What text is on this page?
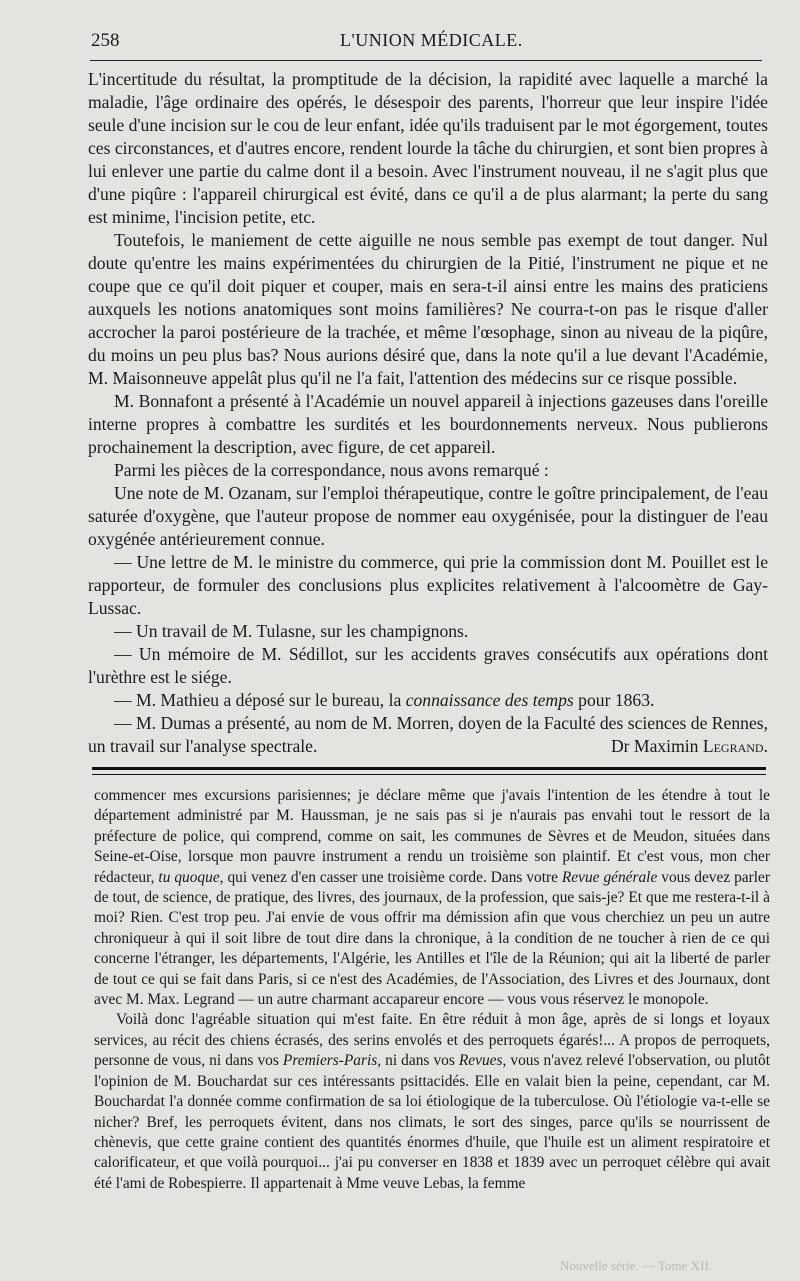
258	L'UNION MÉDICALE.

L'incertitude du résultat, la promptitude de la décision, la rapidité avec laquelle a marché la maladie, l'âge ordinaire des opérés, le désespoir des parents, l'horreur que leur inspire l'idée seule d'une incision sur le cou de leur enfant, idée qu'ils traduisent par le mot égorgement, toutes ces circonstances, et d'autres encore, rendent lourde la tâche du chirurgien, et sont bien propres à lui enlever une partie du calme dont il a besoin. Avec l'instrument nouveau, il ne s'agit plus que d'une piqûre : l'appareil chirurgical est évité, dans ce qu'il a de plus alarmant; la perte du sang est minime, l'incision petite, etc.

Toutefois, le maniement de cette aiguille ne nous semble pas exempt de tout danger. Nul doute qu'entre les mains expérimentées du chirurgien de la Pitié, l'instrument ne pique et ne coupe que ce qu'il doit piquer et couper, mais en sera-t-il ainsi entre les mains des praticiens auxquels les notions anatomiques sont moins familières? Ne courra-t-on pas le risque d'aller accrocher la paroi postérieure de la trachée, et même l'œsophage, sinon au niveau de la piqûre, du moins un peu plus bas? Nous aurions désiré que, dans la note qu'il a lue devant l'Académie, M. Maisonneuve appelât plus qu'il ne l'a fait, l'attention des médecins sur ce risque possible.

M. Bonnafont a présenté à l'Académie un nouvel appareil à injections gazeuses dans l'oreille interne propres à combattre les surdités et les bourdonnements nerveux. Nous publierons prochainement la description, avec figure, de cet appareil.

Parmi les pièces de la correspondance, nous avons remarqué :

Une note de M. Ozanam, sur l'emploi thérapeutique, contre le goître principalement, de l'eau saturée d'oxygène, que l'auteur propose de nommer eau oxygénisée, pour la distinguer de l'eau oxygénée antérieurement connue.

— Une lettre de M. le ministre du commerce, qui prie la commission dont M. Pouillet est le rapporteur, de formuler des conclusions plus explicites relativement à l'alcoomètre de Gay-Lussac.

— Un travail de M. Tulasne, sur les champignons.

— Un mémoire de M. Sédillot, sur les accidents graves consécutifs aux opérations dont l'urèthre est le siége.

— M. Mathieu a déposé sur le bureau, la connaissance des temps pour 1863.

— M. Dumas a présenté, au nom de M. Morren, doyen de la Faculté des sciences de Rennes, un travail sur l'analyse spectrale.	Dr Maximin Legrand.

commencer mes excursions parisiennes; je déclare même que j'avais l'intention de les étendre à tout le département administré par M. Haussman, je ne sais pas si je n'aurais pas envahi tout le ressort de la préfecture de police, qui comprend, comme on sait, les communes de Sèvres et de Meudon, situées dans Seine-et-Oise, lorsque mon pauvre instrument a rendu un troisième son plaintif. Et c'est vous, mon cher rédacteur, tu quoque, qui venez d'en casser une troisième corde. Dans votre Revue générale vous devez parler de tout, de science, de pratique, des livres, des journaux, de la profession, que sais-je? Et que me restera-t-il à moi? Rien. C'est trop peu. J'ai envie de vous offrir ma démission afin que vous cherchiez un peu un autre chroniqueur à qui il soit libre de tout dire dans la chronique, à la condition de ne toucher à rien de ce qui concerne l'étranger, les départements, l'Algérie, les Antilles et l'île de la Réunion; qui ait la liberté de parler de tout ce qui se fait dans Paris, si ce n'est des Académies, de l'Association, des Livres et des Journaux, dont avec M. Max. Legrand — un autre charmant accapareur encore — vous vous réservez le monopole.

Voilà donc l'agréable situation qui m'est faite. En être réduit à mon âge, après de si longs et loyaux services, au récit des chiens écrasés, des serins envolés et des perroquets égarés!... A propos de perroquets, personne de vous, ni dans vos Premiers-Paris, ni dans vos Revues, vous n'avez relevé l'observation, ou plutôt l'opinion de M. Bouchardat sur ces intéressants psittacidés. Elle en valait bien la peine, cependant, car M. Bouchardat l'a donnée comme confirmation de sa loi étiologique de la tuberculose. Où l'étiologie va-t-elle se nicher? Bref, les perroquets évitent, dans nos climats, le sort des singes, parce qu'ils se nourrissent de chènevis, que cette graine contient des quantités énormes d'huile, que l'huile est un aliment respiratoire et calorificateur, et que voilà pourquoi... j'ai pu converser en 1838 et 1839 avec un perroquet célèbre qui avait été l'ami de Robespierre. Il appartenait à Mme veuve Lebas, la femme

Nouvelle série. — Tome XII.
